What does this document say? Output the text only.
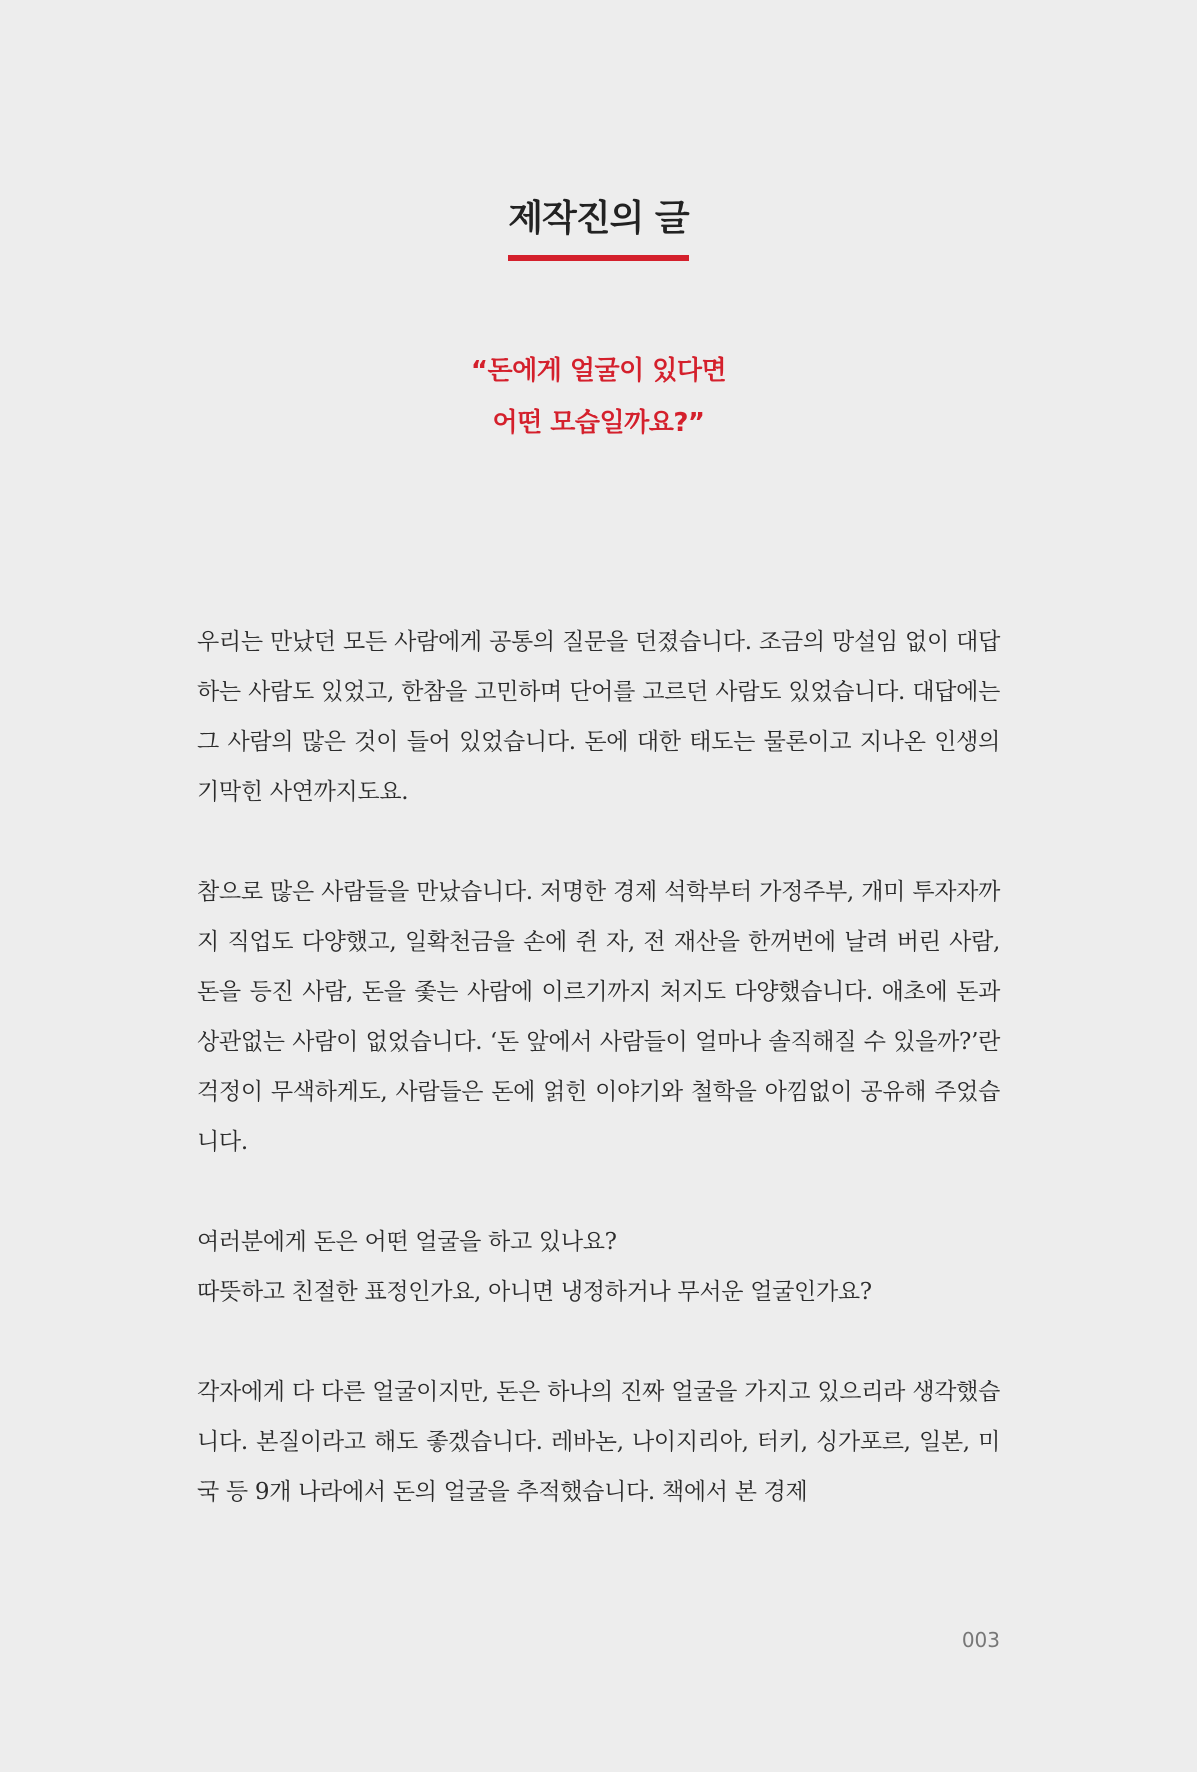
제작진의 글
“돈에게 얼굴이 있다면
어떤 모습일까요?”

우리는 만났던 모든 사람에게 공통의 질문을 던졌습니다. 조금의 망설임 없이 대답하는 사람도 있었고, 한참을 고민하며 단어를 고르던 사람도 있었습니다. 대답에는 그 사람의 많은 것이 들어 있었습니다. 돈에 대한 태도는 물론이고 지나온 인생의 기막힌 사연까지도요.

참으로 많은 사람들을 만났습니다. 저명한 경제 석학부터 가정주부, 개미 투자자까지 직업도 다양했고, 일확천금을 손에 쥔 자, 전 재산을 한꺼번에 날려 버린 사람, 돈을 등진 사람, 돈을 좇는 사람에 이르기까지 처지도 다양했습니다. 애초에 돈과 상관없는 사람이 없었습니다. ‘돈 앞에서 사람들이 얼마나 솔직해질 수 있을까?’란 걱정이 무색하게도, 사람들은 돈에 얽힌 이야기와 철학을 아낌없이 공유해 주었습니다.

여러분에게 돈은 어떤 얼굴을 하고 있나요?
따뜻하고 친절한 표정인가요, 아니면 냉정하거나 무서운 얼굴인가요?

각자에게 다 다른 얼굴이지만, 돈은 하나의 진짜 얼굴을 가지고 있으리라 생각했습니다. 본질이라고 해도 좋겠습니다. 레바논, 나이지리아, 터키, 싱가포르, 일본, 미국 등 9개 나라에서 돈의 얼굴을 추적했습니다. 책에서 본 경제

003
